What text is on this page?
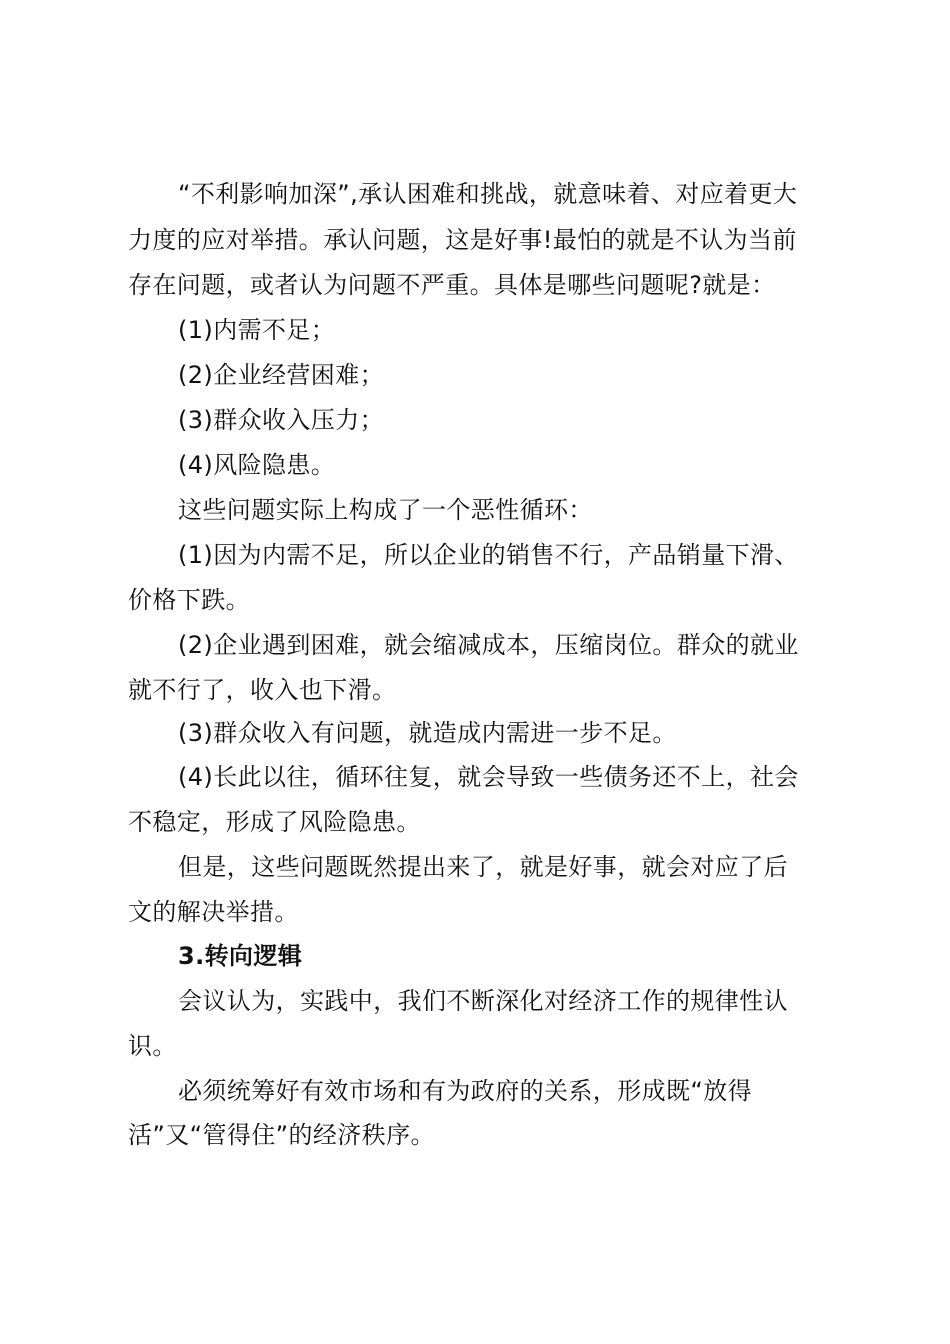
“不利影响加深”,承认困难和挑战，就意味着、对应着更大
力度的应对举措。承认问题，这是好事!最怕的就是不认为当前
存在问题，或者认为问题不严重。具体是哪些问题呢?就是：
(1)内需不足；
(2)企业经营困难；
(3)群众收入压力；
(4)风险隐患。
这些问题实际上构成了一个恶性循环：
(1)因为内需不足，所以企业的销售不行，产品销量下滑、
价格下跌。
(2)企业遇到困难，就会缩减成本，压缩岗位。群众的就业
就不行了，收入也下滑。
(3)群众收入有问题，就造成内需进一步不足。
(4)长此以往，循环往复，就会导致一些债务还不上，社会
不稳定，形成了风险隐患。
但是，这些问题既然提出来了，就是好事，就会对应了后
文的解决举措。
3.转向逻辑
会议认为，实践中，我们不断深化对经济工作的规律性认
识。
必须统筹好有效市场和有为政府的关系，形成既“放得
活”又“管得住”的经济秩序。
